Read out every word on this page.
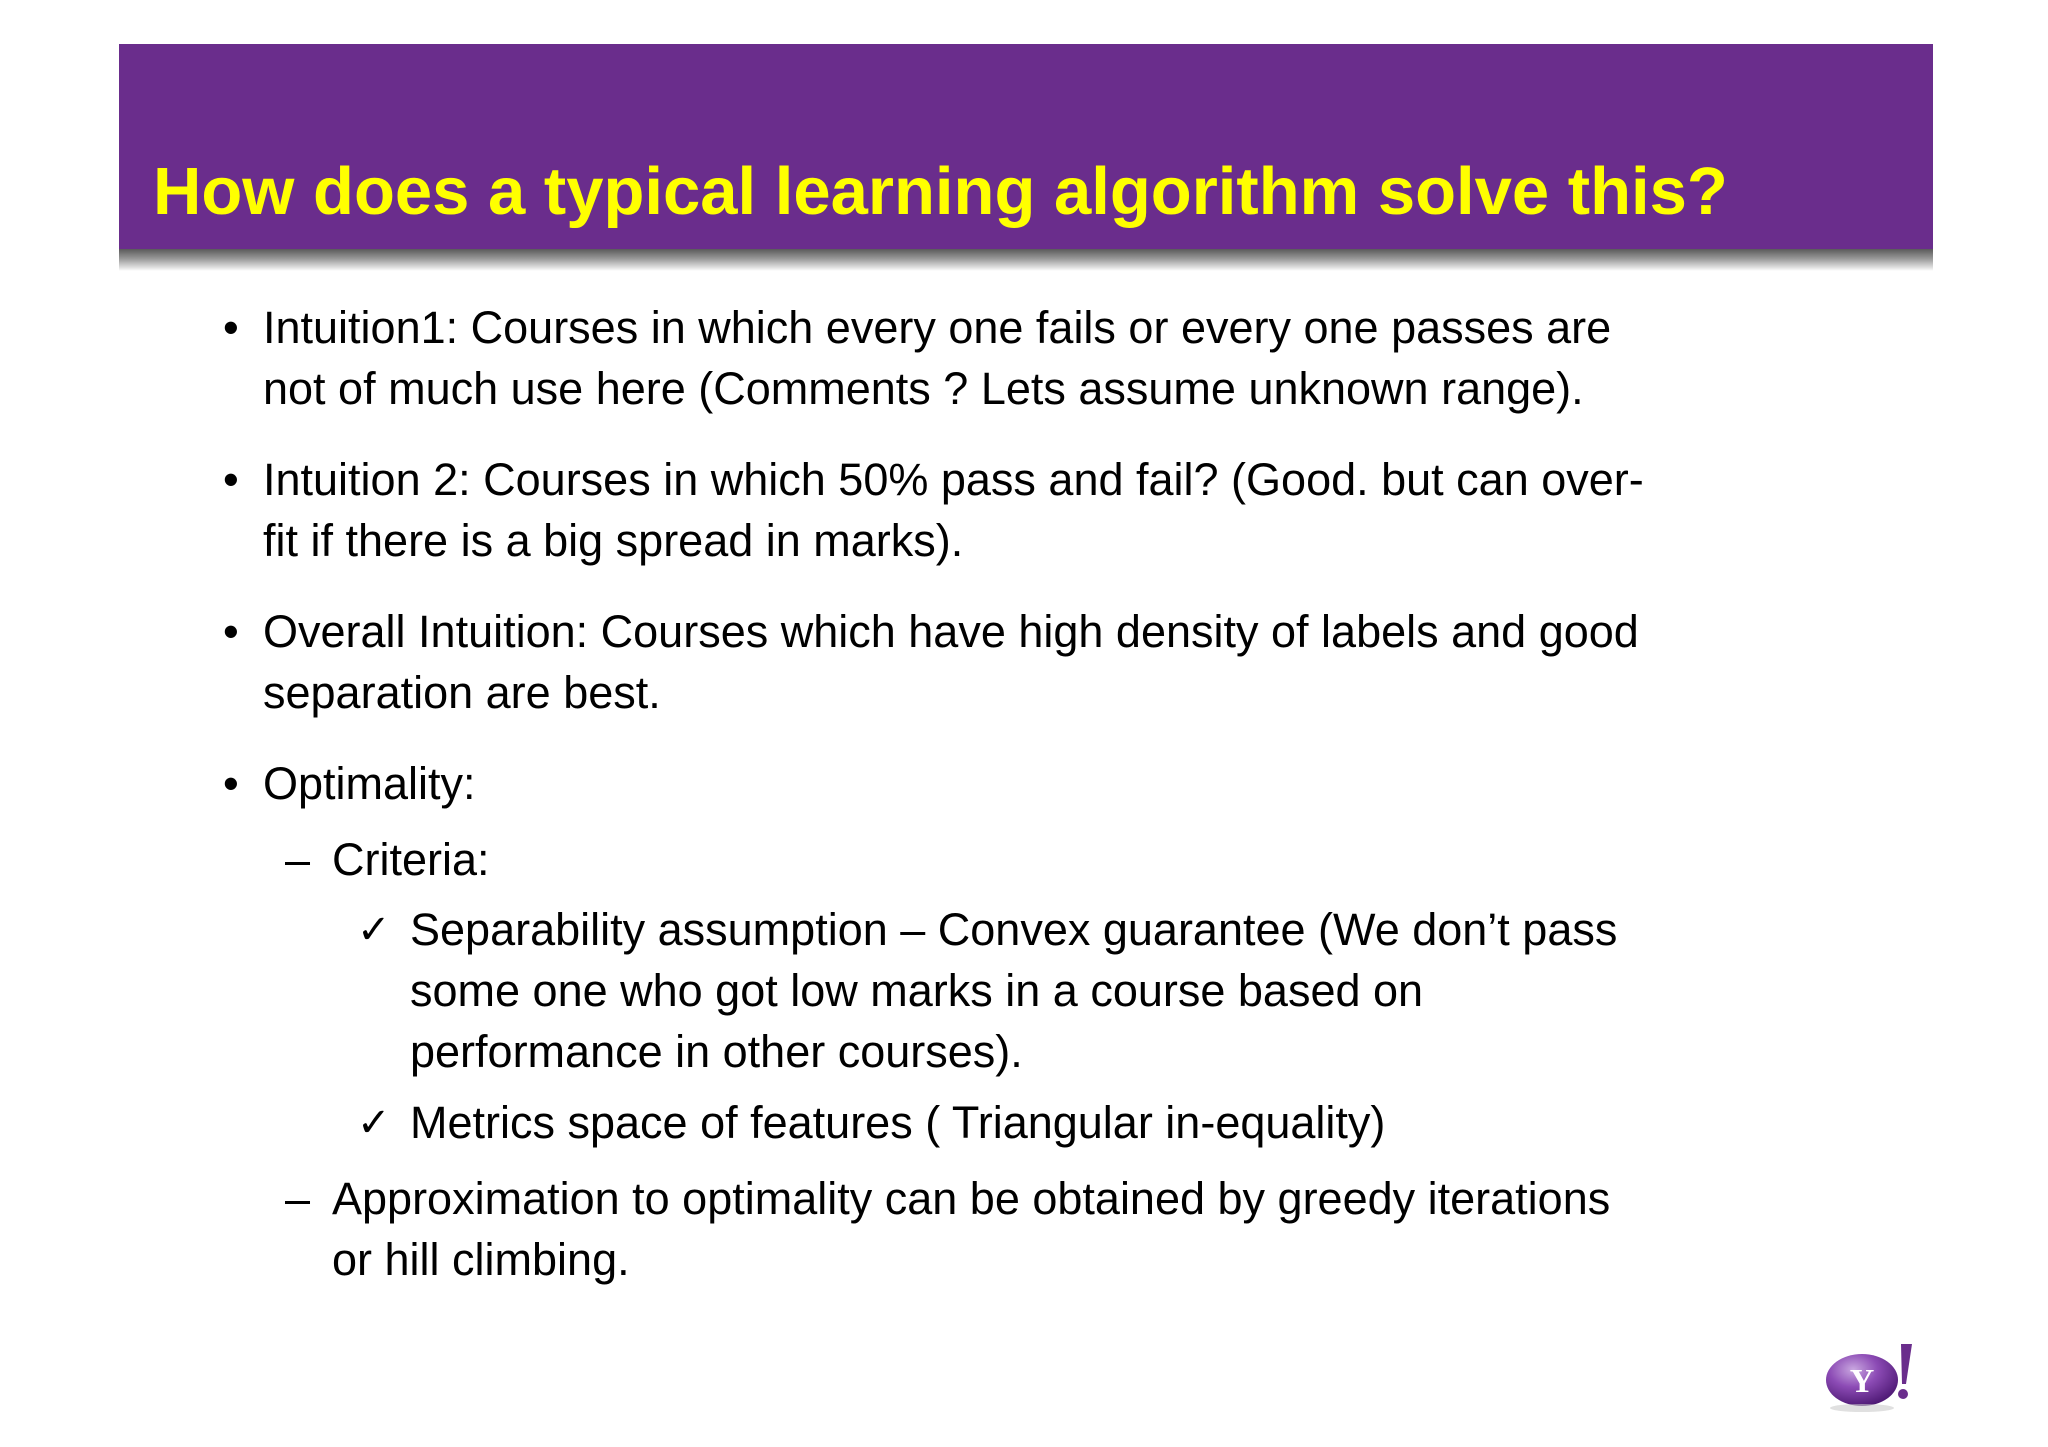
How does a typical learning algorithm solve this?
• Intuition1: Courses in which every one fails or every one passes are
not of much use here (Comments ? Lets assume unknown range).
• Intuition 2: Courses in which 50% pass and fail? (Good. but can over-
fit if there is a big spread in marks).
• Overall Intuition: Courses which have high density of labels and good
separation are best.
• Optimality:
– Criteria:
✓ Separability assumption – Convex guarantee (We don’t pass
some one who got low marks in a course based on
performance in other courses).
✓ Metrics space of features ( Triangular in-equality)
– Approximation to optimality can be obtained by greedy iterations
or hill climbing.
Y
